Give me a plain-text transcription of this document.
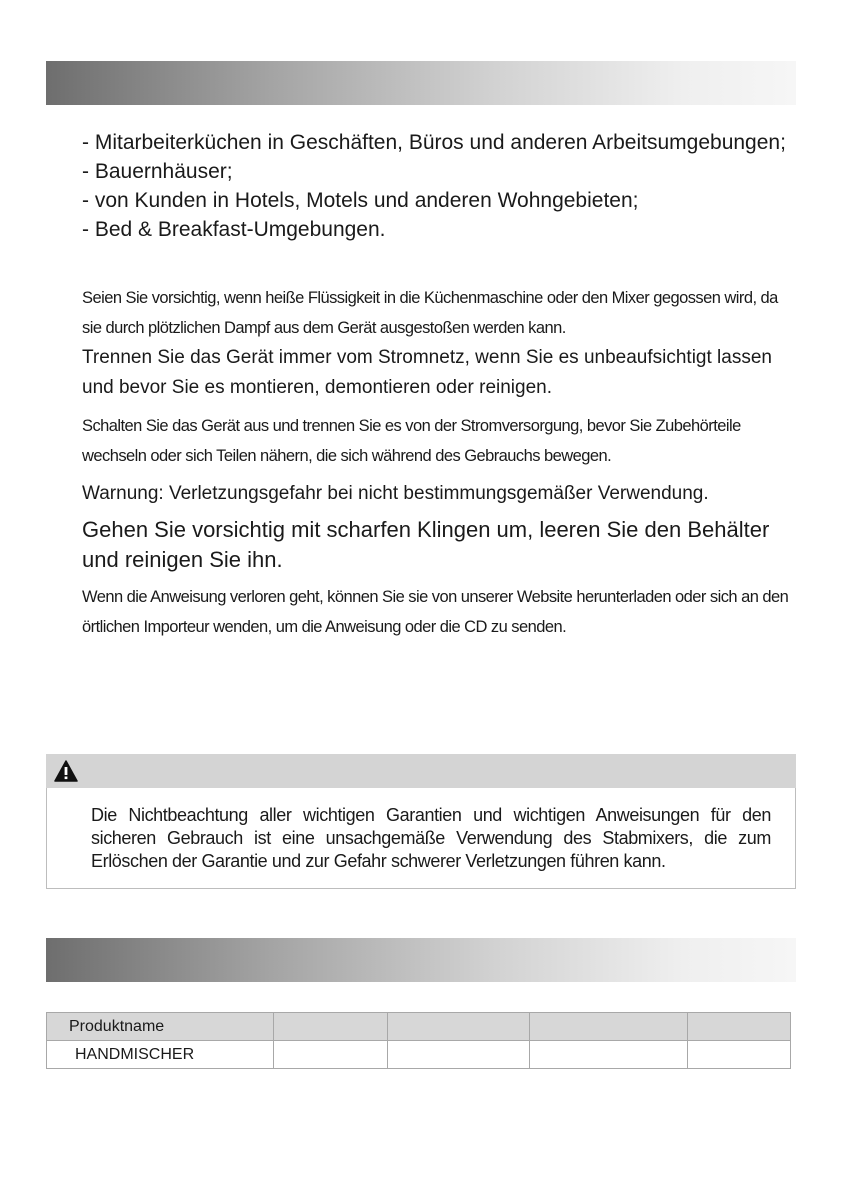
- Mitarbeiterküchen in Geschäften, Büros und anderen Arbeitsumgebungen;

- Bauernhäuser;

- von Kunden in Hotels, Motels und anderen Wohngebieten;

- Bed & Breakfast-Umgebungen.

Seien Sie vorsichtig, wenn heiße Flüssigkeit in die Küchenmaschine oder den Mixer gegossen wird, da sie durch plötzlichen Dampf aus dem Gerät ausgestoßen werden kann.

Trennen Sie das Gerät immer vom Stromnetz, wenn Sie es unbeaufsichtigt lassen und bevor Sie es montieren, demontieren oder reinigen.

Schalten Sie das Gerät aus und trennen Sie es von der Stromversorgung, bevor Sie Zubehörteile wechseln oder sich Teilen nähern, die sich während des Gebrauchs bewegen.

Warnung: Verletzungsgefahr bei nicht bestimmungsgemäßer Verwendung.

Gehen Sie vorsichtig mit scharfen Klingen um, leeren Sie den Behälter und reinigen Sie ihn.

Wenn die Anweisung verloren geht, können Sie sie von unserer Website herunterladen oder sich an den örtlichen Importeur wenden, um die Anweisung oder die CD zu senden.

Die Nichtbeachtung aller wichtigen Garantien und wichtigen Anweisungen für den sicheren Gebrauch ist eine unsachgemäße Verwendung des Stabmixers, die zum Erlöschen der Garantie und zur Gefahr schwerer Verletzungen führen kann.

Produktname				
HANDMISCHER				
